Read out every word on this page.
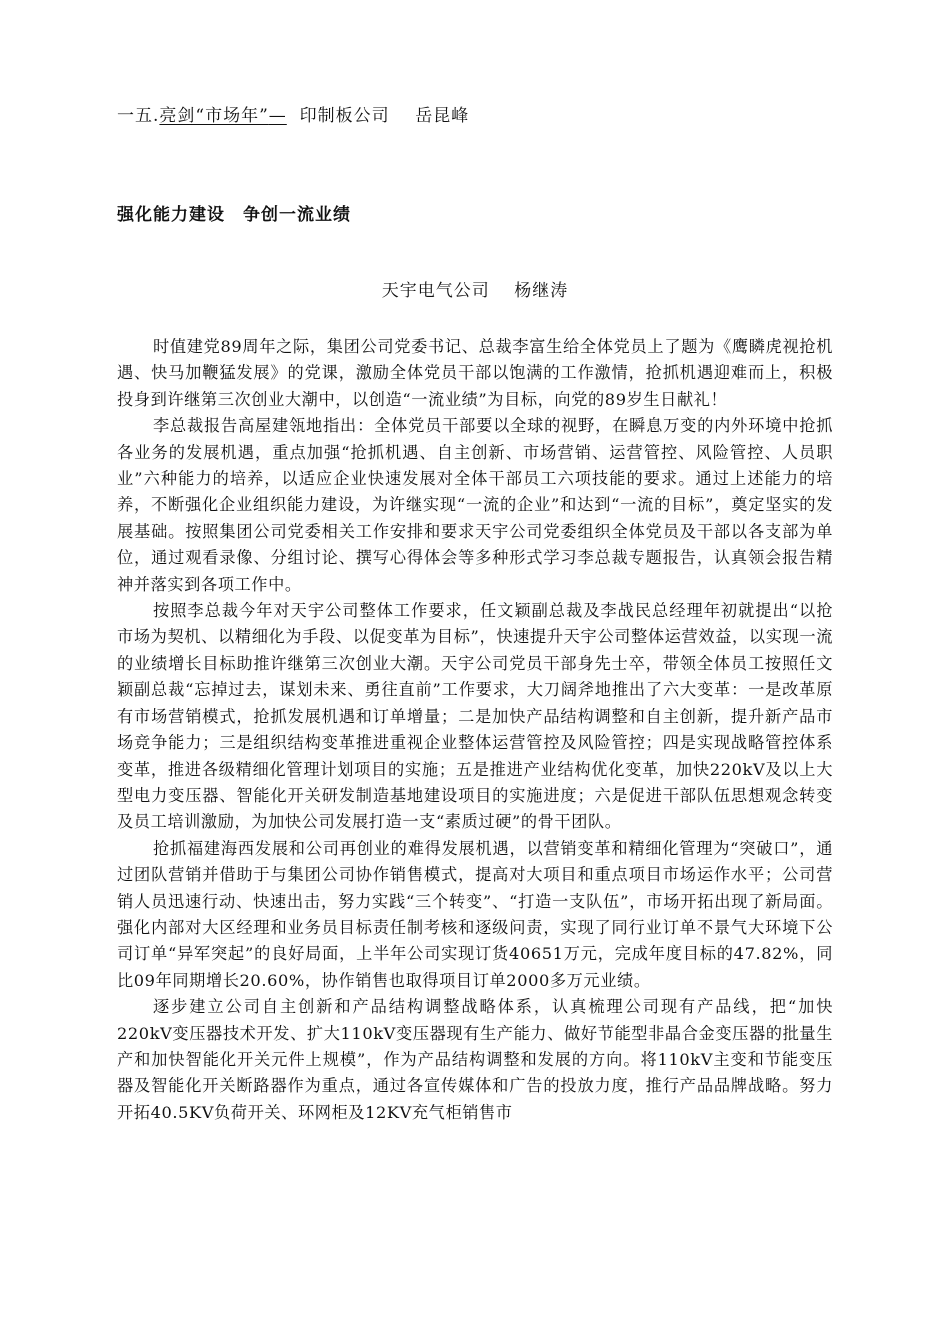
一五.亮剑“市场年”— 印制板公司 岳昆峰
强化能力建设　争创一流业绩
天宇电气公司　 杨继涛

时值建党89周年之际，集团公司党委书记、总裁李富生给全体党员上了题为《鹰瞵虎视抢机遇、快马加鞭猛发展》的党课，激励全体党员干部以饱满的工作激情，抢抓机遇迎难而上，积极投身到许继第三次创业大潮中，以创造“一流业绩”为目标，向党的89岁生日献礼！

李总裁报告高屋建瓴地指出：全体党员干部要以全球的视野，在瞬息万变的内外环境中抢抓各业务的发展机遇，重点加强“抢抓机遇、自主创新、市场营销、运营管控、风险管控、人员职业”六种能力的培养，以适应企业快速发展对全体干部员工六项技能的要求。通过上述能力的培养，不断强化企业组织能力建设，为许继实现“一流的企业”和达到“一流的目标”，奠定坚实的发展基础。按照集团公司党委相关工作安排和要求天宇公司党委组织全体党员及干部以各支部为单位，通过观看录像、分组讨论、撰写心得体会等多种形式学习李总裁专题报告，认真领会报告精神并落实到各项工作中。

按照李总裁今年对天宇公司整体工作要求，任文颖副总裁及李战民总经理年初就提出“以抢市场为契机、以精细化为手段、以促变革为目标”，快速提升天宇公司整体运营效益，以实现一流的业绩增长目标助推许继第三次创业大潮。天宇公司党员干部身先士卒，带领全体员工按照任文颖副总裁“忘掉过去，谋划未来、勇往直前”工作要求，大刀阔斧地推出了六大变革：一是改革原有市场营销模式，抢抓发展机遇和订单增量；二是加快产品结构调整和自主创新，提升新产品市场竞争能力；三是组织结构变革推进重视企业整体运营管控及风险管控；四是实现战略管控体系变革，推进各级精细化管理计划项目的实施；五是推进产业结构优化变革，加快220kV及以上大型电力变压器、智能化开关研发制造基地建设项目的实施进度；六是促进干部队伍思想观念转变及员工培训激励，为加快公司发展打造一支“素质过硬”的骨干团队。

抢抓福建海西发展和公司再创业的难得发展机遇，以营销变革和精细化管理为“突破口”，通过团队营销并借助于与集团公司协作销售模式，提高对大项目和重点项目市场运作水平；公司营销人员迅速行动、快速出击，努力实践“三个转变”、“打造一支队伍”，市场开拓出现了新局面。强化内部对大区经理和业务员目标责任制考核和逐级问责，实现了同行业订单不景气大环境下公司订单“异军突起”的良好局面，上半年公司实现订货40651万元，完成年度目标的47.82%，同比09年同期增长20.60%，协作销售也取得项目订单2000多万元业绩。

逐步建立公司自主创新和产品结构调整战略体系，认真梳理公司现有产品线，把“加快220kV变压器技术开发、扩大110kV变压器现有生产能力、做好节能型非晶合金变压器的批量生产和加快智能化开关元件上规模”，作为产品结构调整和发展的方向。将110kV主变和节能变压器及智能化开关断路器作为重点，通过各宣传媒体和广告的投放力度，推行产品品牌战略。努力开拓40.5KV负荷开关、环网柜及12KV充气柜销售市
